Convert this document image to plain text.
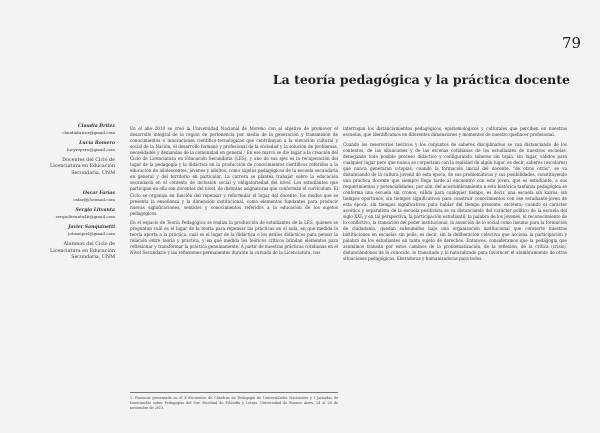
79
La teoría pedagógica y la práctica docente
Claudia Britez
claudiabritez@gmail.com
Lucía Romero
lucyropero@gmail.com
Docentes del Ciclo de Licenciatura en Educación Secundaria, UNM
Oscar Farías
osfarf@hotmail.com
Sergio Litvanta
sergiolitvanta46@gmail.com
Javier Sanquinetti
jotasequel@gmail.com
Alumnos del Ciclo de Licenciatura en Educación Secundaria, UNM

En el año 2010 se creó la Universidad Nacional de Moreno con el objetivo de promover el desarrollo integral de la región de pertenencia por medio de la generación y transmisión de conocimientos e innovaciones científico-tecnológicas que contribuyan a la elevación cultural y social de la Nación, el desarrollo humano y profesional de la sociedad y la solución de problemas, necesidades y demandas de la comunidad en general.¹ En ese marco se dio lugar a la creación del Ciclo de Licenciatura en Educación Secundaria (LES), y uno de sus ejes es la recuperación del lugar de la pedagogía y la didáctica en la producción de conocimientos científicos referidos a la educación de adolescentes, jóvenes y adultos, como sujetos pedagógicos de la escuela secundaria en general y del territorio en particular. La carrera se plantea trabajar sobre la educación secundaria en el contexto de inclusión social y obligatoriedad del nivel. Los estudiantes que participan en ella son docentes del nivel, de distintas asignaturas que conforman el currículum. El Ciclo se organiza en función del repensar y reformular el lugar del docente, los modos que se presenta la enseñanza y la dimensión institucional, como elementos fundantes para producir nuevas significaciones, sentidos y conocimientos referidos a la educación de los sujetos pedagógicos.

En el espacio de Teoría Pedagógica se realiza la producción de estudiantes de la LES, quienes se preguntan cuál es el lugar de la teoría para repensar las prácticas en el aula, en qué medida la teoría aporta a la práctica, cuál es el lugar de la didáctica o los estilos didácticos para pensar la relación entre teoría y práctica, y en qué medida los teóricos críticos brindan elementos para reflexionar y transformar la práctica genuinamente. A partir de nuestras prácticas cotidianas en el Nivel Secundario y las reflexiones permanentes durante la cursada de la Licenciatura, nos

interrogan los distanciamientos pedagógicos, epistemológicos y culturales que perciben en nuestras escuelas, que identificamos en diferentes dimensiones y momentos de nuestro quehacer profesional.

Cuando los reservorios teóricos y los conjuntos de saberes disciplinarios se van distanciando de los contextos, de las situaciones y de las escenas cotidianas de los estudiantes de nuestras escuelas, denegando todo posible proceso didáctico y configurando saberes sin topía, sin lugar, válidos para cualquier lugar pero que nunca se corporizan con la realidad de algún lugar, es decir, saberes (escolares) que nunca generaran u-topías; cuando la formación inicial del docente, "de otros otrás", se va distanciando de la cultura juvenil de esta época, de sus problemáticas y sus posibilidades, constituyendo una práctica docente que siempre llega tarde al encuentro con este joven, que es estudiante, a sus requerimientos y potencialidades; por aún, del acostumbramiento a esta histórica tanfanza pedagógica se conforma una escuela sin cronos, válida para cualquier tiempo, es decir, una escuela sin kairos, sin tiempos oportunos, sin tiempos significativos para construir conocimientos con ese estudiante-joven de esta época, sin tiempos significativos para hablar del tiempo presente, etcétera; cuando el carácter ascético y separatista de la escuela positivista se va distanciando del carácter político de la escuela del siglo XXI; y en tal perspectiva, la participación estudiantil, la palabra de los jóvenes, el reconocimiento de lo conflictivo, la transición del poder institucional, la asunción de lo social como insumo para la formación de ciudadanía, quedan subsumidos bajo una organización institucional que convierte nuestras instituciones en escuelas sin polis, es decir, sin la deliberación colectiva que acciona la participación y palabra de los estudiantes en tanto sujeto de derechos. Entonces, consideramos que la pedagogía que asumimos transita por estos caminos de la problematización, de la reflexión, de la crítica (crisis), distanciándonos de lo conocido, lo transitado y lo naturalizado para favorecer el alumbramiento de otras situaciones pedagógicas, liberadoras y humanizadoras para todos.

1. Ponencia presentada en el X Encuentro de Cátedras de Pedagogía de Universidades Nacionales y I Jornadas de Intercambio sobre Pedagogías del Sur. Facultad de Filosofía y Letras, Universidad de Buenos Aires, 24 al 26 de noviembre de 2015.
